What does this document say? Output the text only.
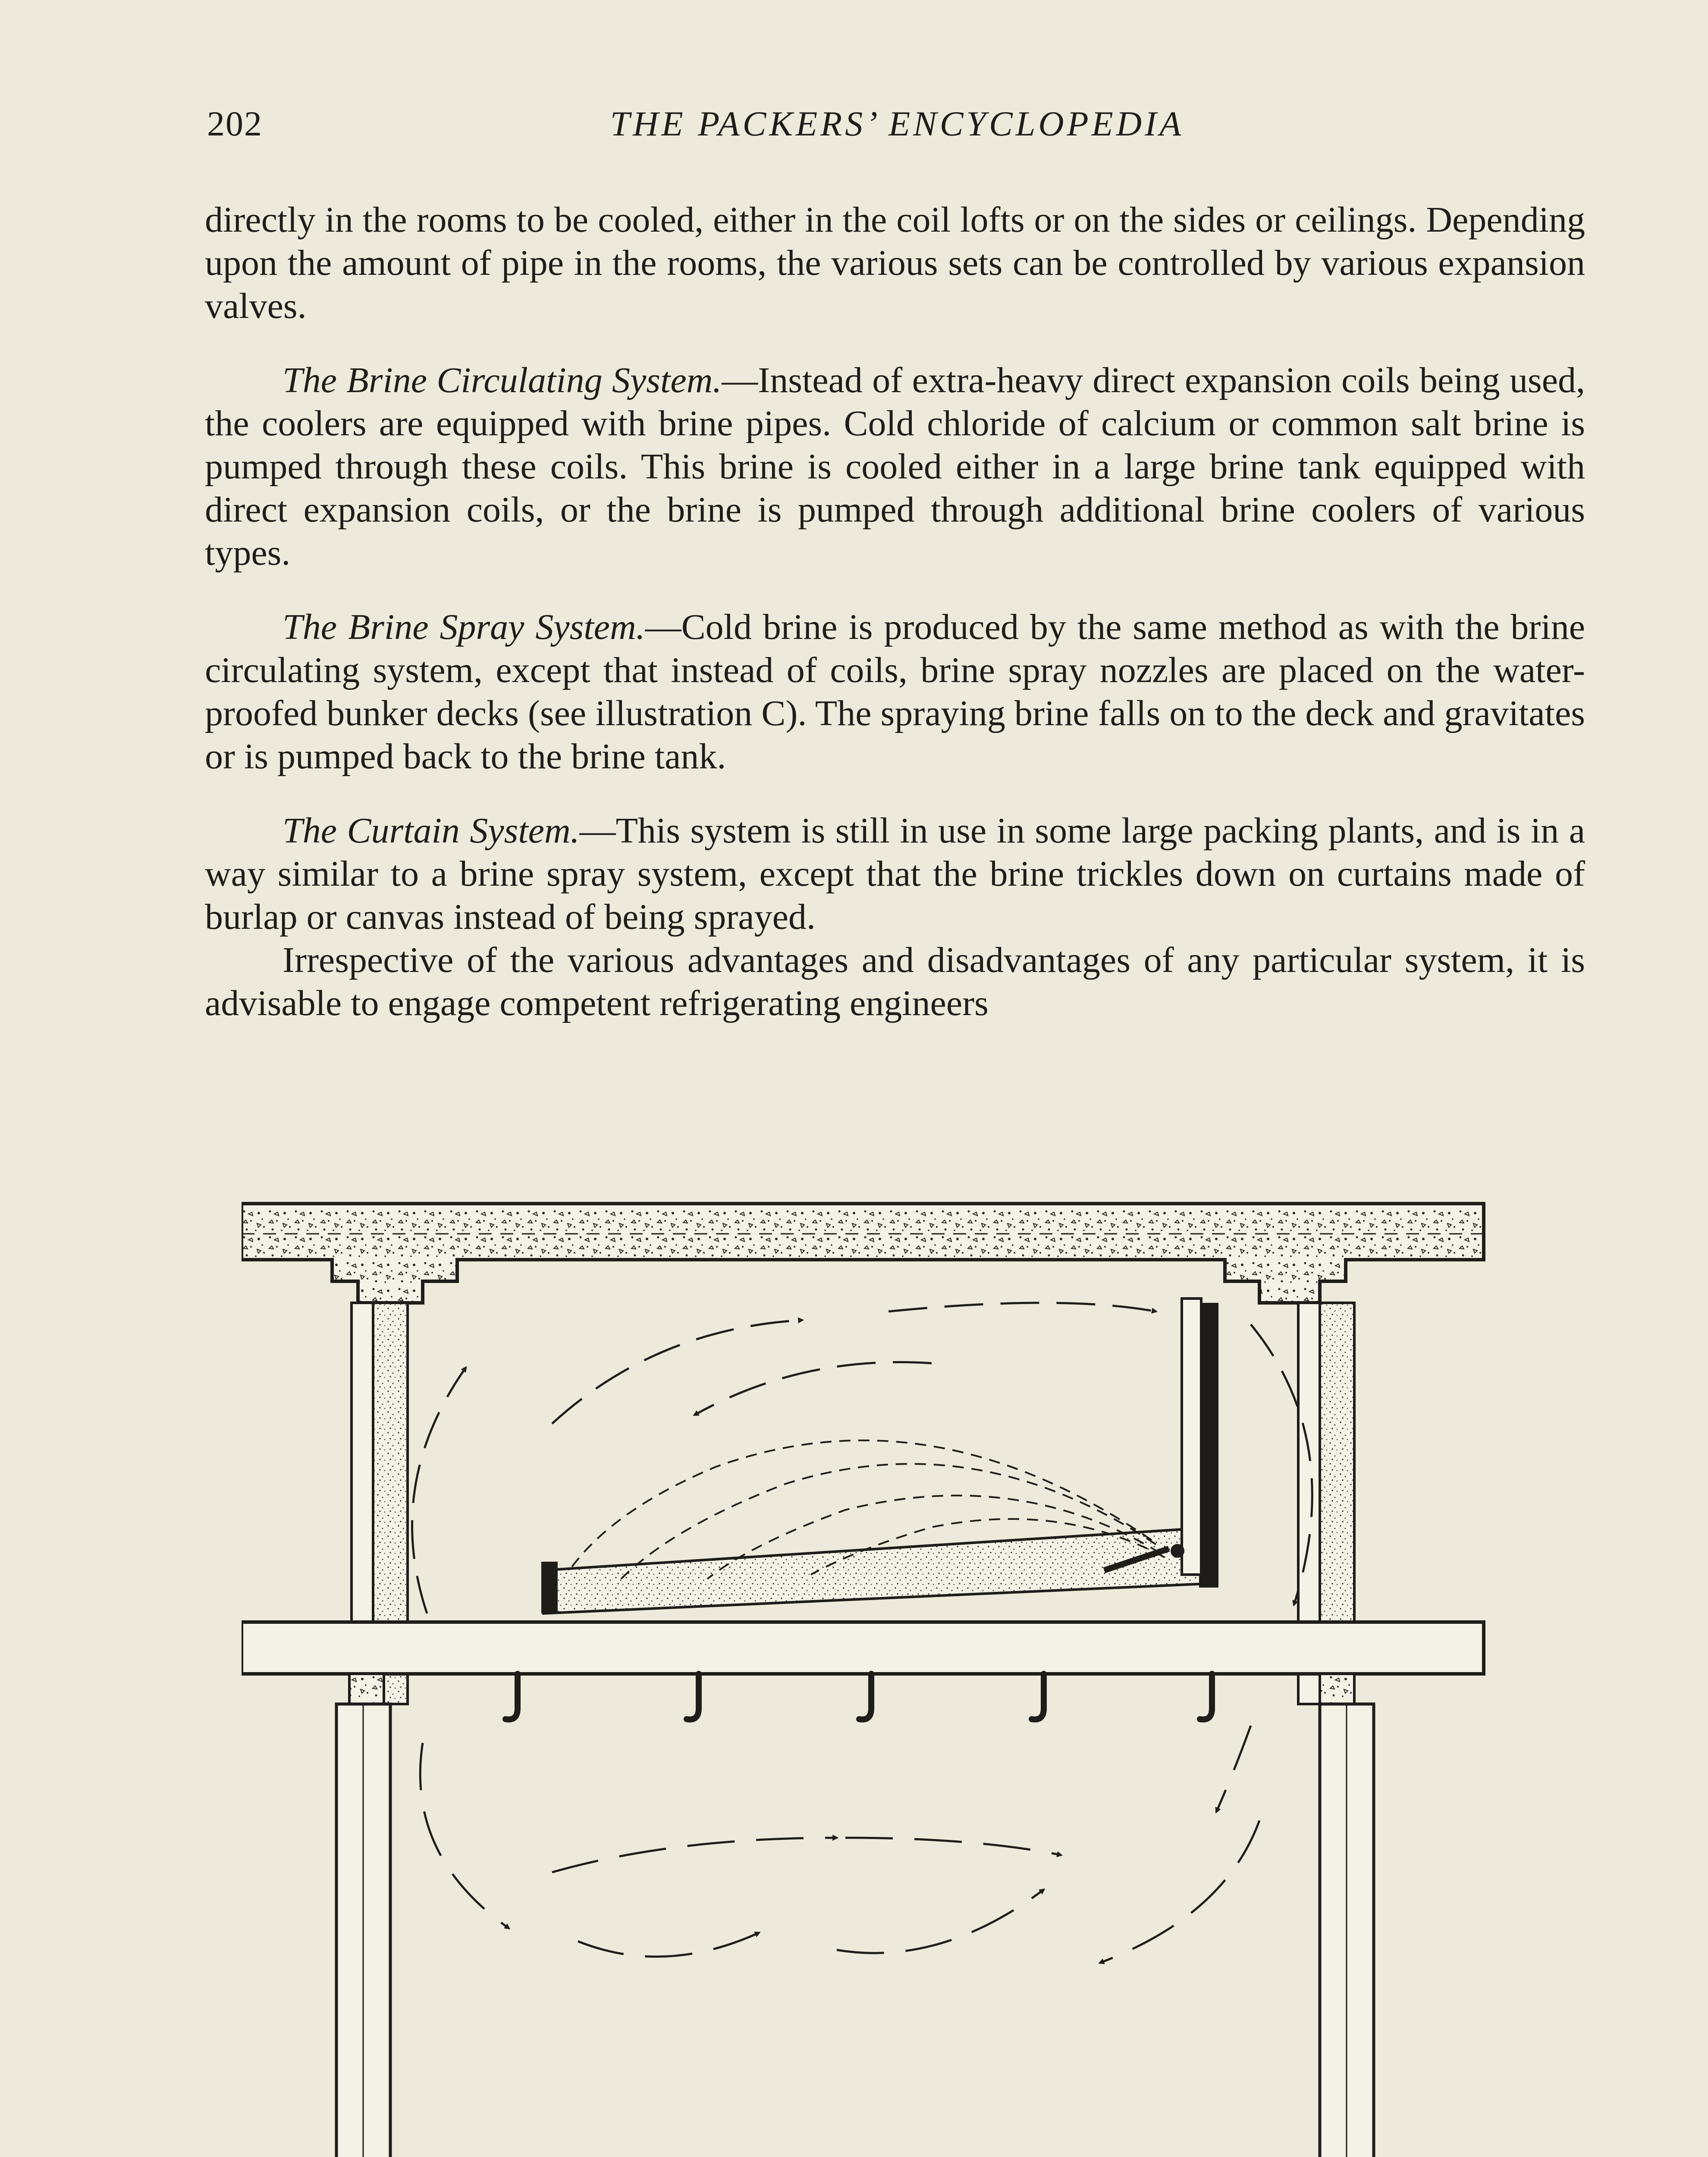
THE PACKERS’ ENCYCLOPEDIA
202

directly in the rooms to be cooled, either in the coil lofts or on the sides or ceilings. Depending upon the amount of pipe in the rooms, the various sets can be controlled by various expansion valves.

The Brine Circulating System.—Instead of extra-heavy direct expansion coils being used, the coolers are equipped with brine pipes. Cold chloride of calcium or common salt brine is pumped through these coils. This brine is cooled either in a large brine tank equipped with direct expansion coils, or the brine is pumped through additional brine coolers of various types.

The Brine Spray System.—Cold brine is produced by the same method as with the brine circulating system, except that instead of coils, brine spray nozzles are placed on the water-proofed bunker decks (see illustration C). The spraying brine falls on to the deck and gravitates or is pumped back to the brine tank.

The Curtain System.—This system is still in use in some large packing plants, and is in a way similar to a brine spray system, except that the brine trickles down on curtains made of burlap or canvas instead of being sprayed.

Irrespective of the various advantages and disadvantages of any particular system, it is advisable to engage competent refrigerating engineers
